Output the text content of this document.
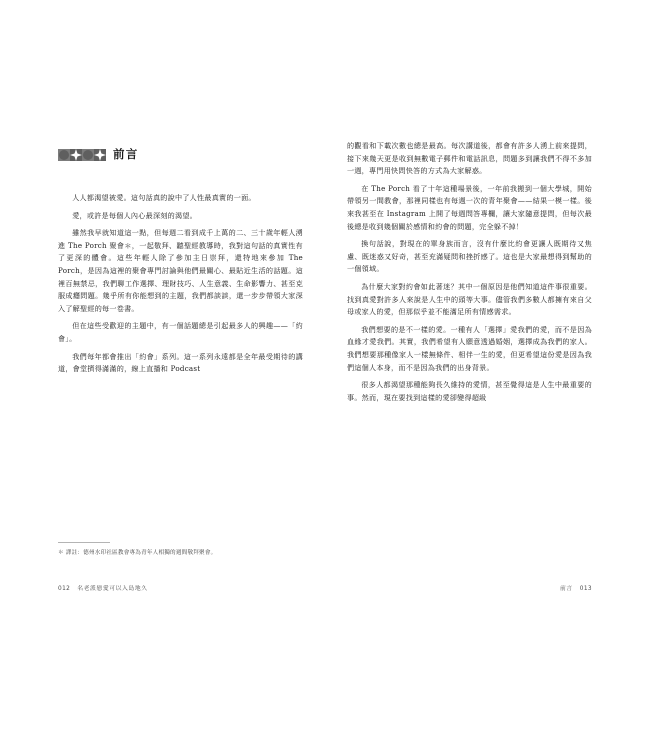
前言

人人都渴望被愛。這句話真的說中了人性最真實的一面。

愛，或許是每個人內心最深刻的渴望。

雖然我早就知道這一點，但每週二看到成千上萬的二、三十歲年輕人湧進 The Porch 聚會＊，一起敬拜、聽聖經教導時，我對這句話的真實性有了更深的體會。這些年輕人除了參加主日崇拜，還特地來參加 The Porch，是因為這裡的聚會專門討論與他們最關心、最貼近生活的話題。這裡百無禁忌，我們聊工作選擇、理財技巧、人生意義、生命影響力、甚至克服成癮問題。幾乎所有你能想到的主題，我們都談談，還一步步帶領大家深入了解聖經的每一卷書。

但在這些受歡迎的主題中，有一個話題總是引起最多人的興趣——「約會」。

我們每年都會推出「約會」系列。這一系列永遠都是全年最受期待的講道，會堂擠得滿滿的，線上直播和 Podcast

＊ 譯註：德州水印社區教會專為青年人相獨的週間敬拜聚會。

012 名老派戀愛可以入島地久

的觀看和下載次數也總是最高。每次講道後，都會有許多人湧上前來提問，接下來幾天更是收到無數電子郵件和電話訊息，問題多到讓我們不得不多加一週，專門用快問快答的方式為大家解惑。

在 The Porch 看了十年這種場景後，一年前我搬到一個大學城，開始帶領另一間教會，那裡同樣也有每週一次的青年聚會——結果一模一樣。後來我甚至在 Instagram 上開了每週問答專欄，讓大家隨意提問，但每次最後總是收到幾個關於感情和約會的問題，完全躲不掉！

換句話說，對現在的單身族而言，沒有什麼比約會更讓人既期待又焦慮、既迷惑又好奇，甚至充滿疑問和挫折感了。這也是大家最想得到幫助的一個領域。

為什麼大家對約會如此著迷？其中一個原因是他們知道這件事很重要。找到真愛對許多人來說是人生中的頭等大事。儘管我們多數人都擁有來自父母或家人的愛，但那似乎並不能滿足所有情感需求。

我們想要的是不一樣的愛。一種有人「選擇」愛我們的愛，而不是因為血緣才愛我們。其實，我們希望有人願意透過婚姻，選擇成為我們的家人。我們想要那種像家人一樣無條件、相伴一生的愛，但更希望這份愛是因為我們這個人本身，而不是因為我們的出身背景。

很多人都渴望那種能夠長久維持的愛情，甚至覺得這是人生中最重要的事。然而，現在要找到這樣的愛卻變得超級

前言 013
